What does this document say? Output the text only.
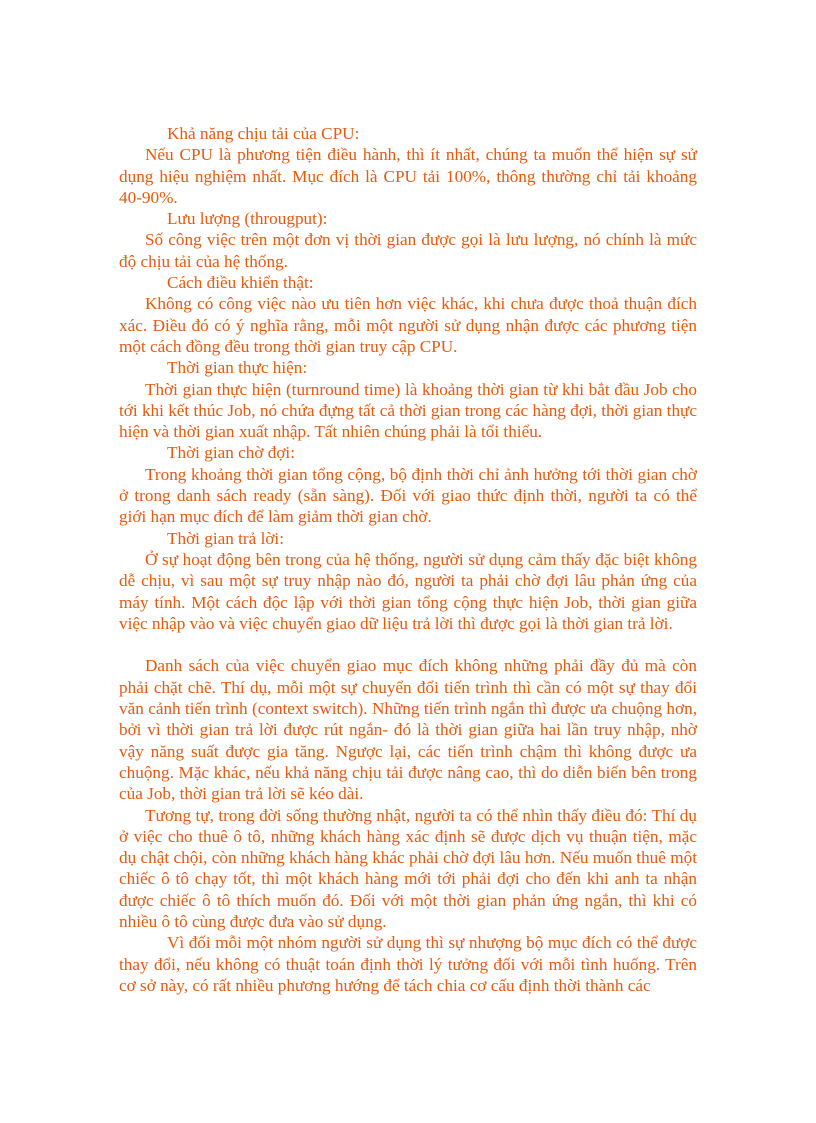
Khả năng chịu tải của CPU:

Nếu CPU là phương tiện điều hành, thì ít nhất, chúng ta muốn thể hiện sự sử dụng hiệu nghiệm nhất. Mục đích là CPU tải 100%, thông thường chỉ tải khoảng 40-90%.

Lưu lượng (througput):

Số công việc trên một đơn vị thời gian được gọi là lưu lượng, nó chính là mức độ chịu tải của hệ thống.

Cách điều khiển thật:

Không có công việc nào ưu tiên hơn việc khác, khi chưa được thoả thuận đích xác. Điều đó có ý nghĩa rằng, mỗi một người sử dụng nhận được các phương tiện một cách đồng đều trong thời gian truy cập CPU.

Thời gian thực hiện:

Thời gian thực hiện (turnround time) là khoảng thời gian từ khi bắt đầu Job cho tới khi kết thúc Job, nó chứa đựng tất cả thời gian trong các hàng đợi, thời gian thực hiện và thời gian xuất nhập. Tất nhiên chúng phải là tối thiểu.

Thời gian chờ đợi:

Trong khoảng thời gian tổng cộng, bộ định thời chỉ ảnh hưởng tới thời gian chờ ở trong danh sách ready (sẵn sàng). Đối với giao thức định thời, người ta có thể giới hạn mục đích để làm giảm thời gian chờ.

Thời gian trả lời:

Ở sự hoạt động bên trong của hệ thống, người sử dụng cảm thấy đặc biệt không dễ chịu, vì sau một sự truy nhập nào đó, người ta phải chờ đợi lâu phản ứng của máy tính. Một cách độc lập với thời gian tổng cộng thực hiện Job, thời gian giữa việc nhập vào và việc chuyển giao dữ liệu trả lời thì được gọi là thời gian trả lời.

Danh sách của việc chuyển giao mục đích không những phải đầy đủ mà còn phải chặt chẽ. Thí dụ, mỗi một sự chuyển đổi tiến trình thì cần có một sự thay đổi văn cảnh tiến trình (context switch). Những tiến trình ngắn thì được ưa chuộng hơn, bởi vì thời gian trả lời được rút ngắn- đó là thời gian giữa hai lần truy nhập, nhờ vậy năng suất được gia tăng. Ngược lại, các tiến trình chậm thì không được ưa chuộng. Mặc khác, nếu khả năng chịu tải được nâng cao, thì do diễn biến bên trong của Job, thời gian trả lời sẽ kéo dài.

Tương tự, trong đời sống thường nhật, người ta có thể nhìn thấy điều đó: Thí dụ ở việc cho thuê ô tô, những khách hàng xác định sẽ được dịch vụ thuận tiện, mặc dụ chật chội, còn những khách hàng khác phải chờ đợi lâu hơn. Nếu muốn thuê một chiếc ô tô chạy tốt, thì một khách hàng mới tới phải đợi cho đến khi anh ta nhận được chiếc ô tô thích muốn đó. Đối với một thời gian phản ứng ngắn, thì khi có nhiều ô tô cùng được đưa vào sử dụng.

Vì đối mỗi một nhóm người sử dụng thì sự nhượng bộ mục đích có thể được thay đổi, nếu không có thuật toán định thời lý tưởng đối với mỗi tình huống. Trên cơ sở này, có rất nhiều phương hướng để tách chia cơ cấu định thời thành các
